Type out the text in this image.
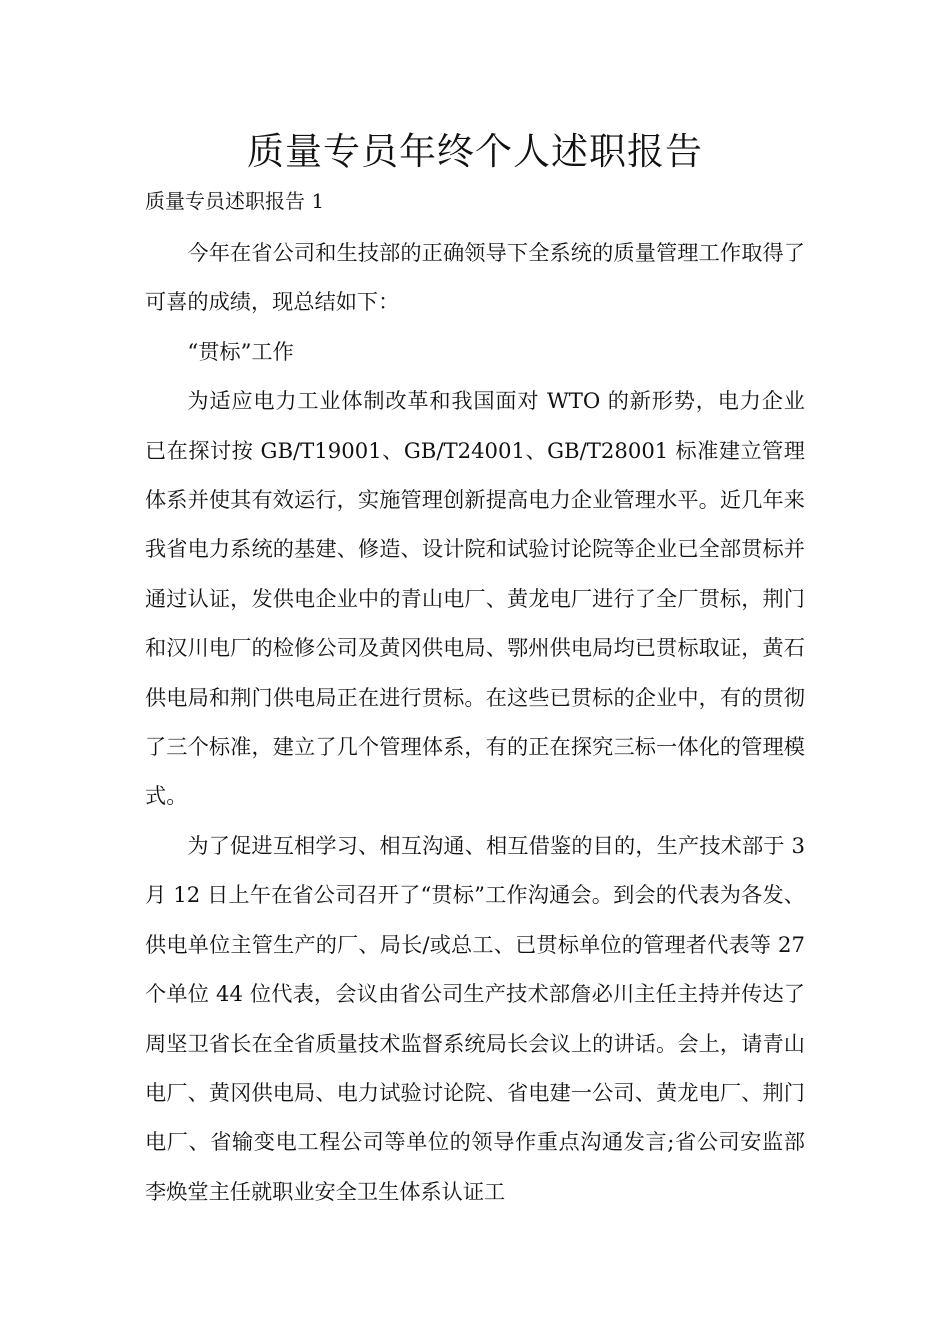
质量专员年终个人述职报告
质量专员述职报告 1

今年在省公司和生技部的正确领导下全系统的质量管理工作取得了可喜的成绩，现总结如下：

“贯标”工作

为适应电力工业体制改革和我国面对 WTO 的新形势，电力企业已在探讨按 GB/T19001、GB/T24001、GB/T28001 标准建立管理体系并使其有效运行，实施管理创新提高电力企业管理水平。近几年来我省电力系统的基建、修造、设计院和试验讨论院等企业已全部贯标并通过认证，发供电企业中的青山电厂、黄龙电厂进行了全厂贯标，荆门和汉川电厂的检修公司及黄冈供电局、鄂州供电局均已贯标取证，黄石供电局和荆门供电局正在进行贯标。在这些已贯标的企业中，有的贯彻了三个标准，建立了几个管理体系，有的正在探究三标一体化的管理模式。

为了促进互相学习、相互沟通、相互借鉴的目的，生产技术部于 3 月 12 日上午在省公司召开了“贯标”工作沟通会。到会的代表为各发、供电单位主管生产的厂、局长/或总工、已贯标单位的管理者代表等 27 个单位 44 位代表，会议由省公司生产技术部詹必川主任主持并传达了周坚卫省长在全省质量技术监督系统局长会议上的讲话。会上，请青山电厂、黄冈供电局、电力试验讨论院、省电建一公司、黄龙电厂、荆门电厂、省输变电工程公司等单位的领导作重点沟通发言;省公司安监部李焕堂主任就职业安全卫生体系认证工
